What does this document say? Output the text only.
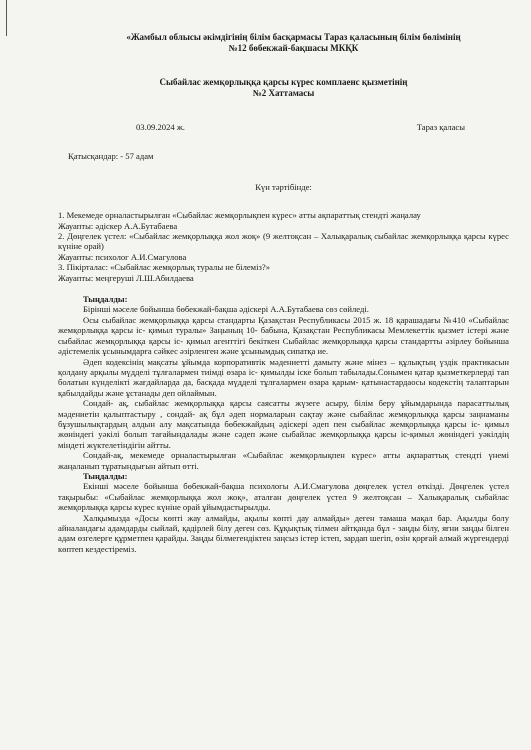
«Жамбыл облысы әкімдігінің білім басқармасы Тараз қаласының білім бөлімінің
№12 бөбекжай-бақшасы МКҚК
Сыбайлас жемқорлыққа қарсы күрес комплаенс қызметінің
№2 Хаттамасы
03.09.2024 ж.	Тараз қаласы
Қатысқандар: - 57 адам
Күн тәртібінде:

1. Мекемеде орналастырылған «Сыбайлас жемқорлықпен күрес» атты ақпараттық стендті жаңалау

Жауапты: әдіскер А.А.Бутабаева

2. Дөңгелек үстел: «Сыбайлас жемқорлыққа жол жоқ» (9 желтоқсан – Халықаралық сыбайлас жемқорлыққа қарсы күрес күніне орай)

Жауапты: психолог А.И.Смагулова

3. Пікірталас: «Сыбайлас жемқорлық туралы не білеміз?»

Жауапты: меңгеруші Л.Ш.Абилдаева

Тыңдалды:

Бірінші мәселе бойынша бөбекжай-бақша әдіскері А.А.Бутабаева сөз сөйледі.

Осы сыбайлас жемқорлыққа қарсы стандарты Қазақстан Республикасы 2015 ж. 18 қарашадағы №410 «Сыбайлас жемқорлыққа қарсы іс- қимыл туралы» Заңының 10- бабына, Қазақстан Республикасы Мемлекеттік қызмет істері және сыбайлас жемқорлыққа қарсы іс- қимыл агенттігі бекіткен Сыбайлас жемқорлыққа қарсы стандартты әзірлеу бойынша әдістемелік ұсынымдарға сәйкес әзірленген және ұсынымдық сипатқа ие.

Әдеп кодексінің мақсаты ұйымда корпоративтік мәдениетті дамыту және мінез – құлықтың үздік практикасын қолдану арқылы мүдделі тұлғалармен тиімді өзара іс- қимылды іске болып табылады.Сонымен қатар қызметкерлерді тап болатын күнделікті жағдайларда да, басқада мүдделі тұлғалармен өзара қарым- қатынастардаосы кодекстің талаптарын қабылдайды және ұстанады деп ойлаймын.

Сондай- ақ, сыбайлас жемқорлыққа қарсы саясатты жүзеге асыру, білім беру ұйымдарында парасаттылық мәдениетін қалыптастыру , сондай- ақ бұл әдеп нормаларын сақтау және сыбайлас жемқорлыққа қарсы заңнаманы бұзушылықтардың алдын алу мақсатында бөбекжайдың әдіскері әдеп пен сыбайлас жемқорлыққа қарсы іс- қимыл жөніндегі уәкілі болып тағайындалады және сәдеп және сыбайлас жемқорлыққа қарсы іс-қимыл жөніндегі уәкілдің міндеті жүктелетіндігін айтты.

Сондай-ақ, мекемеде орналастырылған «Сыбайлас жемқорлықпен күрес» атты ақпараттық стендті үнемі жаңаланып тұратындығын айтып өтті.

Тыңдалды:

Екінші мәселе бойынша бөбекжай-бақша психологы А.И.Смагулова дөңгелек үстел өткізді. Дөңгелек үстел тақырыбы: «Сыбайлас жемқорлыққа жол жоқ», аталған дөңгелек үстел 9 желтоқсан – Халықаралық сыбайлас жемқорлыққа қарсы күрес күніне орай ұйымдастырылды.

Халқымызда «Досы көпті жау алмайды, ақылы көпті дау алмайды» деген тамаша мақал бар. Ақылды болу айналандағы адамдарды сыйлай, қадірлей білу деген сөз. Құқықтық тілмен айтқанда бұл - заңды білу, яғни заңды білген адам өзгелерге құрметпен қарайды. Заңды білмегендіктен заңсыз істер істеп, зардап шегіп, өзін қорғай алмай жүргендерді көптеп кездестіреміз.
